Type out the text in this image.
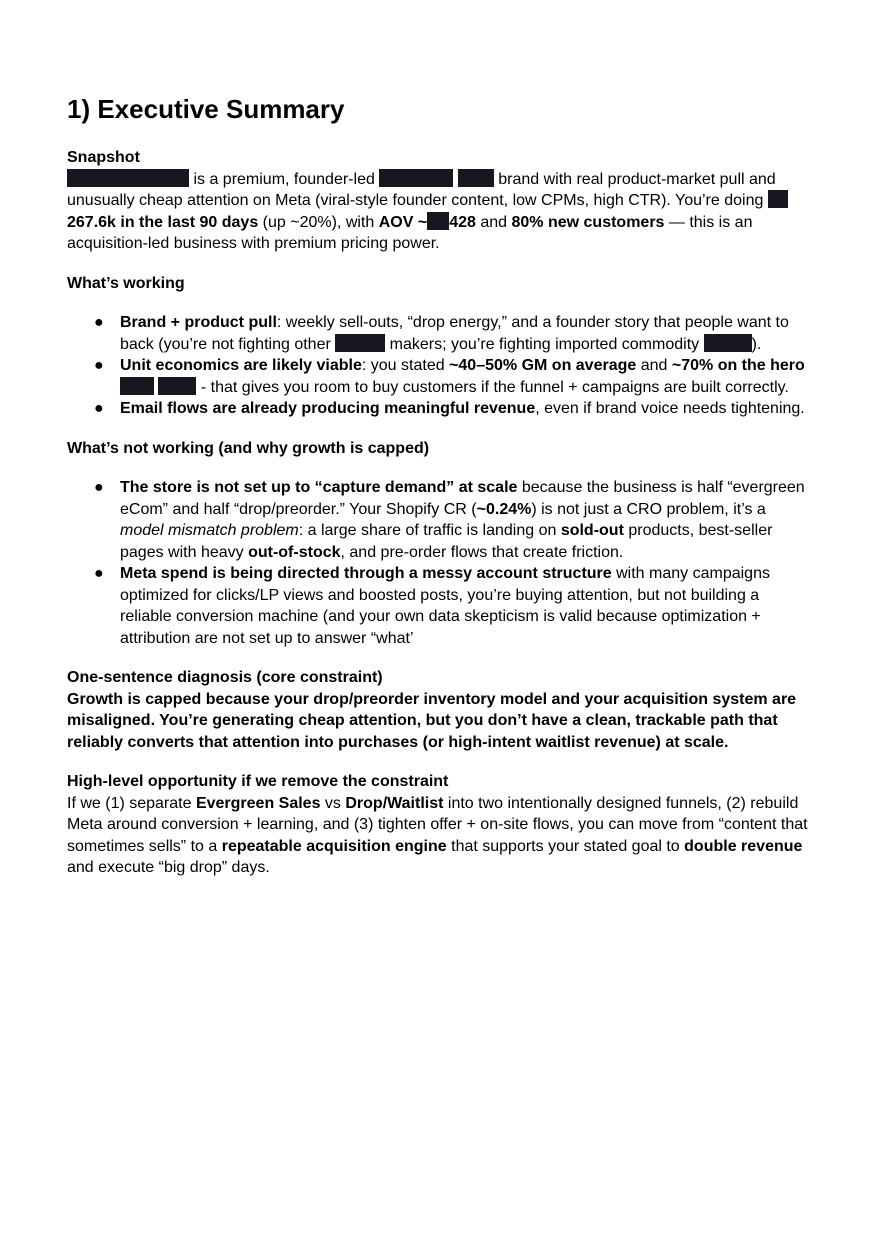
1) Executive Summary
Snapshot

is a premium, founder-led	brand with real product-market pull and unusually cheap attention on Meta (viral-style founder content, low CPMs, high CTR). You’re doing 267.6k in the last 90 days (up ~20%), with AOV ~ 428 and 80% new customers — this is an acquisition-led business with premium pricing power.

What’s working
● Brand + product pull: weekly sell-outs, “drop energy,” and a founder story that people want to back (you’re not fighting other	makers; you’re fighting imported commodity	).
● Unit economics are likely viable: you stated ~40–50% GM on average and ~70% on the hero   - that gives you room to buy customers if the funnel + campaigns are built correctly.
● Email flows are already producing meaningful revenue, even if brand voice needs tightening.
What’s not working (and why growth is capped)
● The store is not set up to “capture demand” at scale because the business is half “evergreen eCom” and half “drop/preorder.” Your Shopify CR (~0.24%) is not just a CRO problem, it’s a model mismatch problem: a large share of traffic is landing on sold-out products, best-seller pages with heavy out-of-stock, and pre-order flows that create friction.
● Meta spend is being directed through a messy account structure with many campaigns optimized for clicks/LP views and boosted posts, you’re buying attention, but not building a reliable conversion machine (and your own data skepticism is valid because optimization + attribution are not set up to answer “what’
One-sentence diagnosis (core constraint)

Growth is capped because your drop/preorder inventory model and your acquisition system are misaligned. You’re generating cheap attention, but you don’t have a clean, trackable path that reliably converts that attention into purchases (or high-intent waitlist revenue) at scale.

High-level opportunity if we remove the constraint

If we (1) separate Evergreen Sales vs Drop/Waitlist into two intentionally designed funnels, (2) rebuild Meta around conversion + learning, and (3) tighten offer + on-site flows, you can move from “content that sometimes sells” to a repeatable acquisition engine that supports your stated goal to double revenue and execute “big drop” days.
